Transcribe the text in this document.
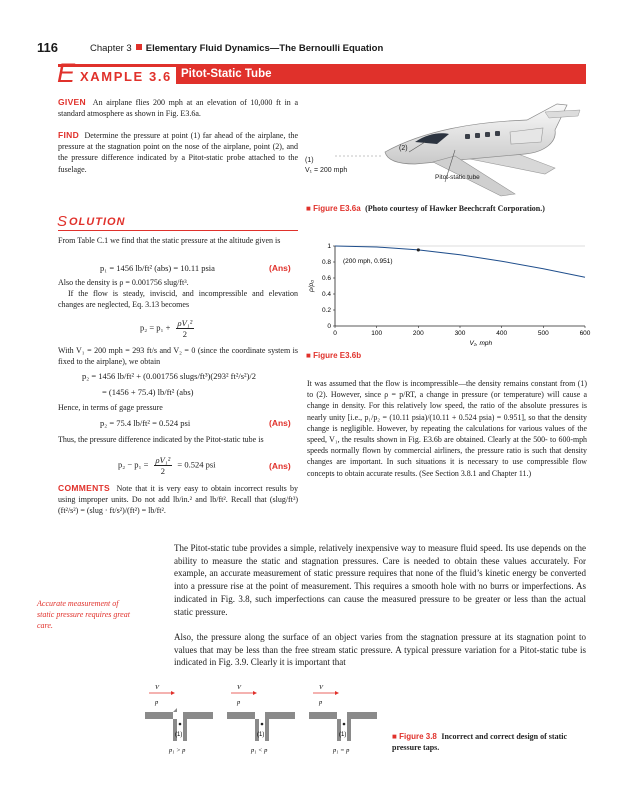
116	Chapter 3 Elementary Fluid Dynamics—The Bernoulli Equation
E XAMPLE 3.6 Pitot-Static Tube
GIVEN An airplane flies 200 mph at an elevation of 10,000 ft in a standard atmosphere as shown in Fig. E3.6a.
FIND Determine the pressure at point (1) far ahead of the airplane, the pressure at the stagnation point on the nose of the airplane, point (2), and the pressure difference indicated by a Pitot-static probe attached to the fuselage.
(1)
V₁ = 200 mph
(2)
Pitot-static tube
■ Figure E3.6a (Photo courtesy of Hawker Beechcraft Corporation.)
S OLUTION
From Table C.1 we find that the static pressure at the altitude given is
p₁ = 1456 lb/ft² (abs) = 10.11 psia	(Ans)
Also the density is ρ = 0.001756 slug/ft³.
If the flow is steady, inviscid, and incompressible and elevation changes are neglected, Eq. 3.13 becomes
$p_2 = p_1 + \frac{\text{ρV₁²}}{2}$
With V₁ = 200 mph = 293 ft/s and V₂ = 0 (since the coordinate system is fixed to the airplane), we obtain
p₂ = 1456 lb/ft² + (0.001756 slugs/ft³)(293² ft²/s²)/2
= (1456 + 75.4) lb/ft² (abs)
Hence, in terms of gage pressure
p₂ = 75.4 lb/ft² = 0.524 psi	(Ans)
Thus, the pressure difference indicated by the Pitot-static tube is
$p_2 - p_1 = \frac{\text{ρV₁²}}{2} = 0.524$ psi	(Ans)
COMMENTS Note that it is very easy to obtain incorrect results by using improper units. Do not add lb/in.² and lb/ft². Recall that (slug/ft³)(ft²/s²) = (slug · ft/s²)/(ft²) = lb/ft².
0	100	200	300	400	500	600
0
0.2
0.4
0.6
0.8
1
(200 mph, 0.951)
V₁, mph
ρ/ρ₀
■ Figure E3.6b
It was assumed that the flow is incompressible—the density remains constant from (1) to (2). However, since ρ = p/RT, a change in pressure (or temperature) will cause a change in density. For this relatively low speed, the ratio of the absolute pressures is nearly unity [i.e., p₁/p₂ = (10.11 psia)/(10.11 + 0.524 psia) = 0.951], so that the density change is negligible. However, by repeating the calculations for various values of the speed, V₁, the results shown in Fig. E3.6b are obtained. Clearly at the 500- to 600-mph speeds normally flown by commercial airliners, the pressure ratio is such that density changes are important. In such situations it is necessary to use compressible flow concepts to obtain accurate results. (See Section 3.8.1 and Chapter 11.)
Accurate measurement of static pressure requires great care.
The Pitot-static tube provides a simple, relatively inexpensive way to measure fluid speed. Its use depends on the ability to measure the static and stagnation pressures. Care is needed to obtain these values accurately. For example, an accurate measurement of static pressure requires that none of the fluid’s kinetic energy be converted into a pressure rise at the point of measurement. This requires a smooth hole with no burrs or imperfections. As indicated in Fig. 3.8, such imperfections can cause the measured pressure to be greater or less than the actual static pressure.
Also, the pressure along the surface of an object varies from the stagnation pressure at its stagnation point to values that may be less than the free stream static pressure. A typical pressure variation for a Pitot-static tube is indicated in Fig. 3.9. Clearly it is important that
V
p
(1)
p₁ > p
V
p
(1)
p₁ < p
V
p
(1)
p₁ = p
■ Figure 3.8 Incorrect and correct design of static pressure taps.
